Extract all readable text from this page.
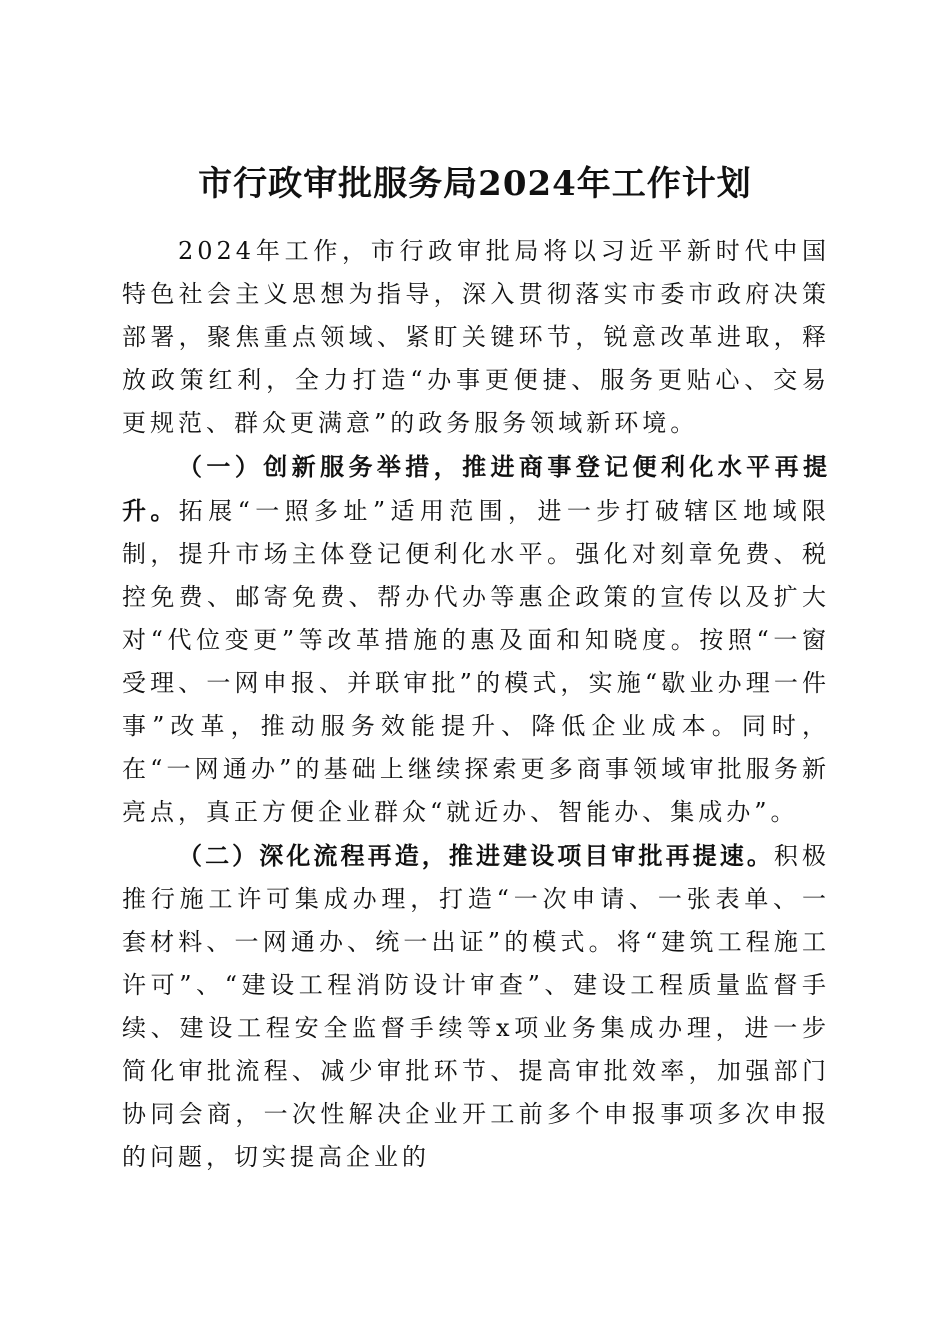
市行政审批服务局2024年工作计划

2024年工作，市行政审批局将以习近平新时代中国特色社会主义思想为指导，深入贯彻落实市委市政府决策部署，聚焦重点领域、紧盯关键环节，锐意改革进取，释放政策红利，全力打造“办事更便捷、服务更贴心、交易更规范、群众更满意”的政务服务领域新环境。

（一）创新服务举措，推进商事登记便利化水平再提升。拓展“一照多址”适用范围，进一步打破辖区地域限制，提升市场主体登记便利化水平。强化对刻章免费、税控免费、邮寄免费、帮办代办等惠企政策的宣传以及扩大对“代位变更”等改革措施的惠及面和知晓度。按照“一窗受理、一网申报、并联审批”的模式，实施“歇业办理一件事”改革，推动服务效能提升、降低企业成本。同时，在“一网通办”的基础上继续探索更多商事领域审批服务新亮点，真正方便企业群众“就近办、智能办、集成办”。

（二）深化流程再造，推进建设项目审批再提速。积极推行施工许可集成办理，打造“一次申请、一张表单、一套材料、一网通办、统一出证”的模式。将“建筑工程施工许可”、“建设工程消防设计审查”、建设工程质量监督手续、建设工程安全监督手续等x项业务集成办理，进一步简化审批流程、减少审批环节、提高审批效率，加强部门协同会商，一次性解决企业开工前多个申报事项多次申报的问题，切实提高企业的
